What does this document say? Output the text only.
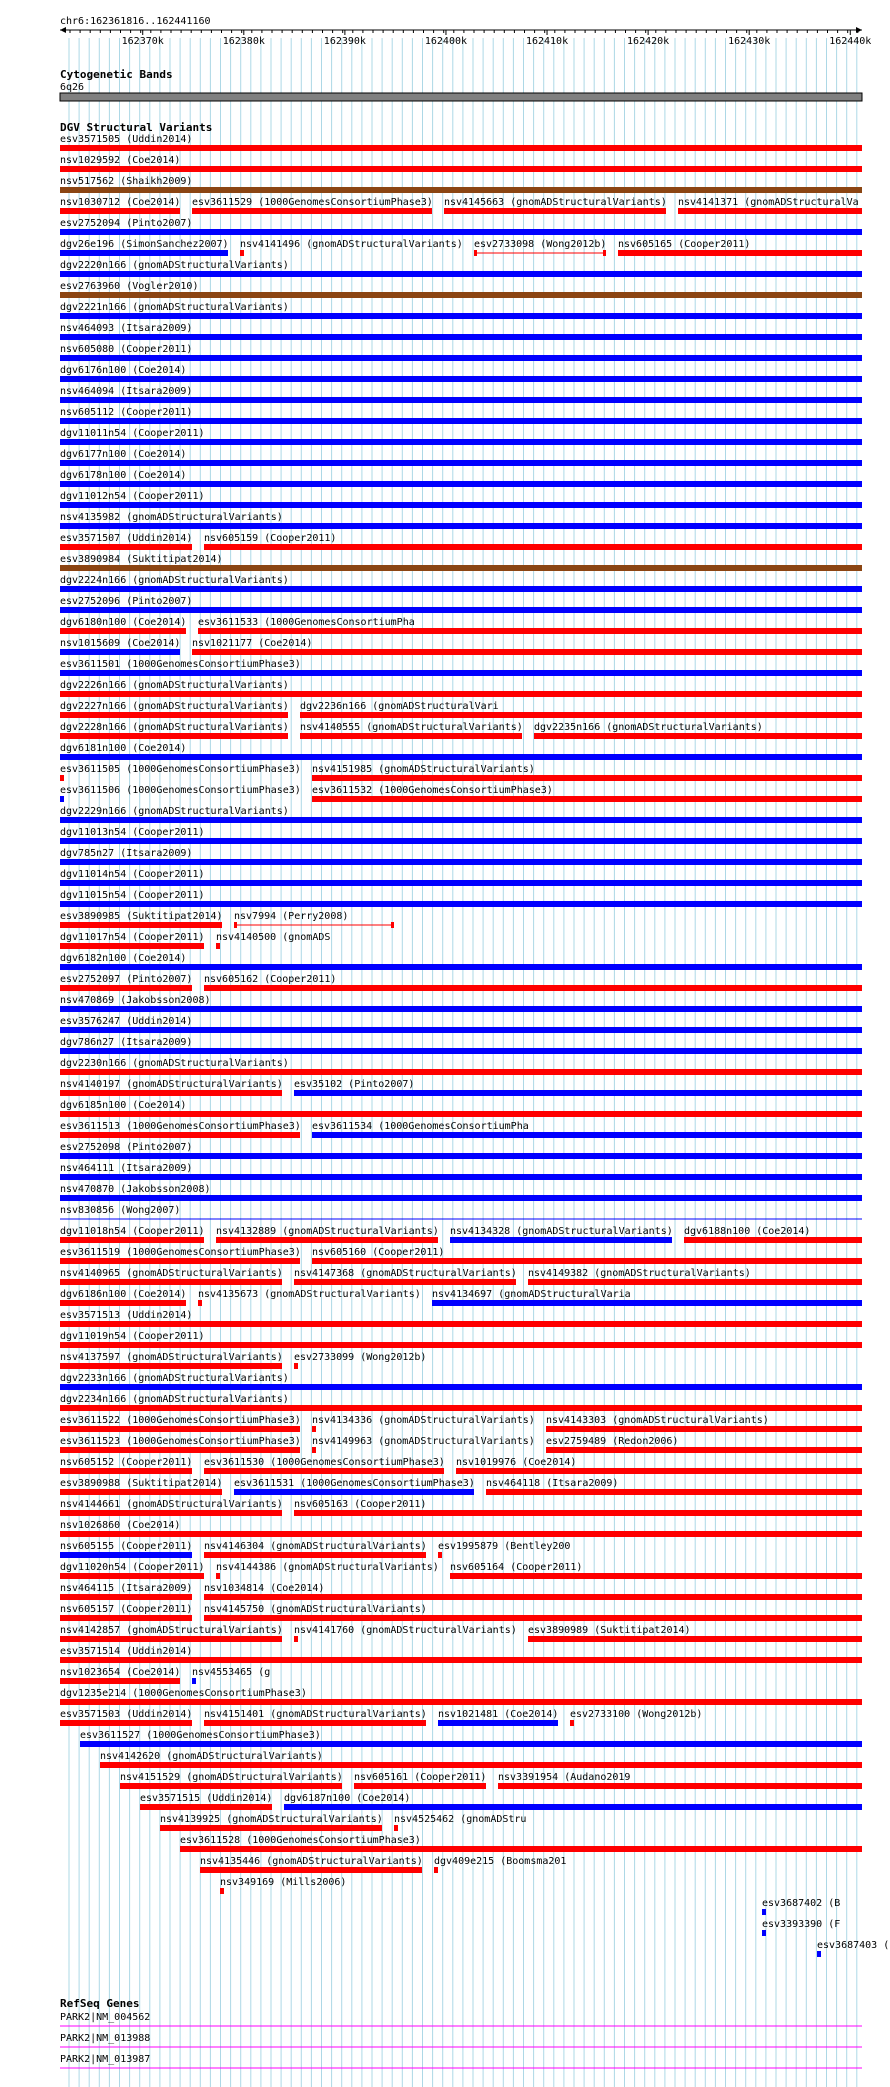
chr6:162361816..162441160
162370k	162380k	162390k	162400k	162410k	162420k	162430k	162440k
Cytogenetic Bands
6q26
DGV Structural Variants
esv3571505 (Uddin2014)
nsv1029592 (Coe2014)
nsv517562 (Shaikh2009)
nsv1030712 (Coe2014) esv3611529 (1000GenomesConsortiumPhase3) nsv4145663 (gnomADStructuralVariants) nsv4141371 (gnomADStructuralVa
esv2752094 (Pinto2007)
dgv26e196 (SimonSanchez2007) nsv4141496 (gnomADStructuralVariants) esv2733098 (Wong2012b) nsv605165 (Cooper2011)
dgv2220n166 (gnomADStructuralVariants)
esv2763960 (Vogler2010)
dgv2221n166 (gnomADStructuralVariants)
nsv464093 (Itsara2009)
nsv605080 (Cooper2011)
dgv6176n100 (Coe2014)
nsv464094 (Itsara2009)
nsv605112 (Cooper2011)
dgv11011n54 (Cooper2011)
dgv6177n100 (Coe2014)
dgv6178n100 (Coe2014)
dgv11012n54 (Cooper2011)
nsv4135982 (gnomADStructuralVariants)
esv3571507 (Uddin2014) nsv605159 (Cooper2011)
esv3890984 (Suktitipat2014)
dgv2224n166 (gnomADStructuralVariants)
esv2752096 (Pinto2007)
dgv6180n100 (Coe2014) esv3611533 (1000GenomesConsortiumPha
nsv1015609 (Coe2014) nsv1021177 (Coe2014)
esv3611501 (1000GenomesConsortiumPhase3)
dgv2226n166 (gnomADStructuralVariants)
dgv2227n166 (gnomADStructuralVariants) dgv2236n166 (gnomADStructuralVari
dgv2228n166 (gnomADStructuralVariants) nsv4140555 (gnomADStructuralVariants) dgv2235n166 (gnomADStructuralVariants)
dgv6181n100 (Coe2014)
esv3611505 (1000GenomesConsortiumPhase3) nsv4151985 (gnomADStructuralVariants)
esv3611506 (1000GenomesConsortiumPhase3) esv3611532 (1000GenomesConsortiumPhase3)
dgv2229n166 (gnomADStructuralVariants)
dgv11013n54 (Cooper2011)
dgv785n27 (Itsara2009)
dgv11014n54 (Cooper2011)
dgv11015n54 (Cooper2011)
esv3890985 (Suktitipat2014) nsv7994 (Perry2008)
dgv11017n54 (Cooper2011) nsv4140500 (gnomADS
dgv6182n100 (Coe2014)
esv2752097 (Pinto2007) nsv605162 (Cooper2011)
nsv470869 (Jakobsson2008)
esv3576247 (Uddin2014)
dgv786n27 (Itsara2009)
dgv2230n166 (gnomADStructuralVariants)
nsv4140197 (gnomADStructuralVariants) esv35102 (Pinto2007)
dgv6185n100 (Coe2014)
esv3611513 (1000GenomesConsortiumPhase3) esv3611534 (1000GenomesConsortiumPha
esv2752098 (Pinto2007)
nsv464111 (Itsara2009)
nsv470870 (Jakobsson2008)
nsv830856 (Wong2007)
dgv11018n54 (Cooper2011) nsv4132889 (gnomADStructuralVariants) nsv4134328 (gnomADStructuralVariants) dgv6188n100 (Coe2014)
esv3611519 (1000GenomesConsortiumPhase3) nsv605160 (Cooper2011)
nsv4140965 (gnomADStructuralVariants) nsv4147368 (gnomADStructuralVariants) nsv4149382 (gnomADStructuralVariants)
dgv6186n100 (Coe2014) nsv4135673 (gnomADStructuralVariants) nsv4134697 (gnomADStructuralVaria
esv3571513 (Uddin2014)
dgv11019n54 (Cooper2011)
nsv4137597 (gnomADStructuralVariants) esv2733099 (Wong2012b)
dgv2233n166 (gnomADStructuralVariants)
dgv2234n166 (gnomADStructuralVariants)
esv3611522 (1000GenomesConsortiumPhase3) nsv4134336 (gnomADStructuralVariants) nsv4143303 (gnomADStructuralVariants)
esv3611523 (1000GenomesConsortiumPhase3) nsv4149963 (gnomADStructuralVariants) esv2759489 (Redon2006)
nsv605152 (Cooper2011) esv3611530 (1000GenomesConsortiumPhase3) nsv1019976 (Coe2014)
esv3890988 (Suktitipat2014) esv3611531 (1000GenomesConsortiumPhase3) nsv464118 (Itsara2009)
nsv4144661 (gnomADStructuralVariants) nsv605163 (Cooper2011)
nsv1026860 (Coe2014)
nsv605155 (Cooper2011) nsv4146304 (gnomADStructuralVariants) esv1995879 (Bentley200
dgv11020n54 (Cooper2011) nsv4144386 (gnomADStructuralVariants) nsv605164 (Cooper2011)
nsv464115 (Itsara2009) nsv1034814 (Coe2014)
nsv605157 (Cooper2011) nsv4145750 (gnomADStructuralVariants)
nsv4142857 (gnomADStructuralVariants) nsv4141760 (gnomADStructuralVariants) esv3890989 (Suktitipat2014)
esv3571514 (Uddin2014)
nsv1023654 (Coe2014) nsv4553465 (g
dgv1235e214 (1000GenomesConsortiumPhase3)
esv3571503 (Uddin2014) nsv4151401 (gnomADStructuralVariants) nsv1021481 (Coe2014) esv2733100 (Wong2012b)
esv3611527 (1000GenomesConsortiumPhase3)
nsv4142620 (gnomADStructuralVariants)
nsv4151529 (gnomADStructuralVariants) nsv605161 (Cooper2011) nsv3391954 (Audano2019
esv3571515 (Uddin2014) dgv6187n100 (Coe2014)
nsv4139925 (gnomADStructuralVariants) nsv4525462 (gnomADStru
esv3611528 (1000GenomesConsortiumPhase3)
nsv4135446 (gnomADStructuralVariants) dgv409e215 (Boomsma201
nsv349169 (Mills2006)
esv3687402 (B
esv3393390 (F
esv3687403 (
RefSeq Genes
PARK2|NM_004562
PARK2|NM_013988
PARK2|NM_013987
